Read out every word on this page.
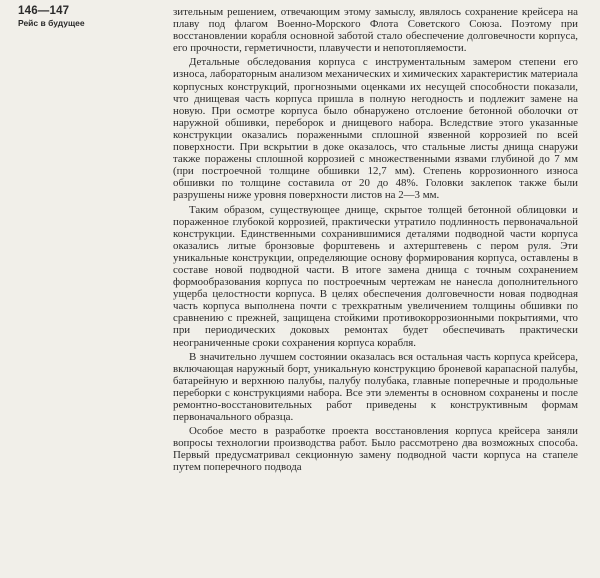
146—147
Рейс в будущее

зительным решением, отвечающим этому замыслу, являлось сохранение крейсера на плаву под флагом Военно-Морского Флота Советского Союза. Поэтому при восстановлении корабля основной заботой стало обеспечение долговечности корпуса, его прочности, герметичности, плавучести и непотопляемости.

Детальные обследования корпуса с инструментальным замером степени его износа, лабораторным анализом механических и химических характеристик материала корпусных конструкций, прогнозными оценками их несущей способности показали, что днищевая часть корпуса пришла в полную негодность и подлежит замене на новую. При осмотре корпуса было обнаружено отслоение бетонной оболочки от наружной обшивки, переборок и днищевого набора. Вследствие этого указанные конструкции оказались пораженными сплошной язвенной коррозией по всей поверхности. При вскрытии в доке оказалось, что стальные листы днища снаружи также поражены сплошной коррозией с множественными язвами глубиной до 7 мм (при построечной толщине обшивки 12,7 мм). Степень коррозионного износа обшивки по толщине составила от 20 до 48%. Головки заклепок также были разрушены ниже уровня поверхности листов на 2—3 мм.

Таким образом, существующее днище, скрытое толщей бетонной облицовки и пораженное глубокой коррозией, практически утратило подлинность первоначальной конструкции. Единственными сохранившимися деталями подводной части корпуса оказались литые бронзовые форштевень и ахтерштевень с пером руля. Эти уникальные конструкции, определяющие основу формирования корпуса, оставлены в составе новой подводной части. В итоге замена днища с точным сохранением формообразования корпуса по построечным чертежам не нанесла дополнительного ущерба целостности корпуса. В целях обеспечения долговечности новая подводная часть корпуса выполнена почти с трехкратным увеличением толщины обшивки по сравнению с прежней, защищена стойкими противокоррозионными покрытиями, что при периодических доковых ремонтах будет обеспечивать практически неограниченные сроки сохранения корпуса корабля.

В значительно лучшем состоянии оказалась вся остальная часть корпуса крейсера, включающая наружный борт, уникальную конструкцию броневой карапасной палубы, батарейную и верхнюю палубы, палубу полубака, главные поперечные и продольные переборки с конструкциями набора. Все эти элементы в основном сохранены и после ремонтно-восстановительных работ приведены к конструктивным формам первоначального образца.

Особое место в разработке проекта восстановления корпуса крейсера заняли вопросы технологии производства работ. Было рассмотрено два возможных способа. Первый предусматривал секционную замену подводной части корпуса на стапеле путем поперечного подвода
